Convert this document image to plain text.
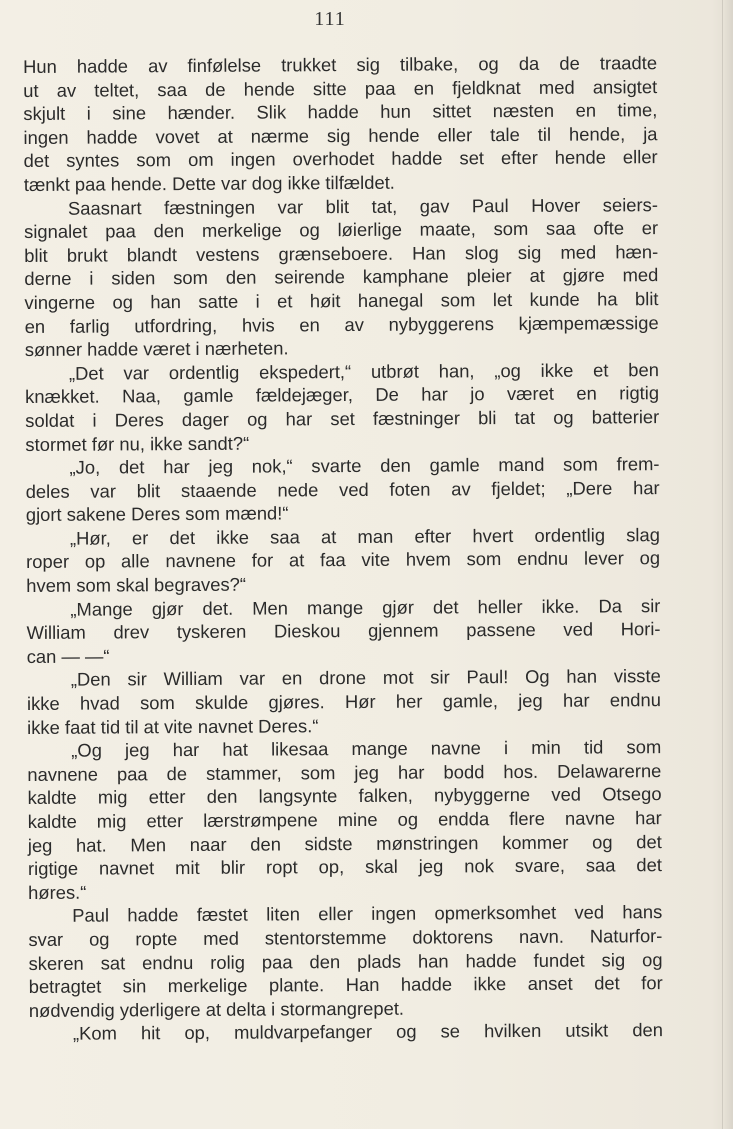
111
Hun hadde av finfølelse trukket sig tilbake, og da de traadte
ut av teltet, saa de hende sitte paa en fjeldknat med ansigtet
skjult i sine hænder. Slik hadde hun sittet næsten en time,
ingen hadde vovet at nærme sig hende eller tale til hende, ja
det syntes som om ingen overhodet hadde set efter hende eller
tænkt paa hende. Dette var dog ikke tilfældet.
Saasnart fæstningen var blit tat, gav Paul Hover seiers-
signalet paa den merkelige og løierlige maate, som saa ofte er
blit brukt blandt vestens grænseboere. Han slog sig med hæn-
derne i siden som den seirende kamphane pleier at gjøre med
vingerne og han satte i et høit hanegal som let kunde ha blit
en farlig utfordring, hvis en av nybyggerens kjæmpemæssige
sønner hadde været i nærheten.
„Det var ordentlig ekspedert,“ utbrøt han, „og ikke et ben
knækket. Naa, gamle fældejæger, De har jo været en rigtig
soldat i Deres dager og har set fæstninger bli tat og batterier
stormet før nu, ikke sandt?“
„Jo, det har jeg nok,“ svarte den gamle mand som frem-
deles var blit staaende nede ved foten av fjeldet; „Dere har
gjort sakene Deres som mænd!“
„Hør, er det ikke saa at man efter hvert ordentlig slag
roper op alle navnene for at faa vite hvem som endnu lever og
hvem som skal begraves?“
„Mange gjør det. Men mange gjør det heller ikke. Da sir
William drev tyskeren Dieskou gjennem passene ved Hori-
can — —“
„Den sir William var en drone mot sir Paul! Og han visste
ikke hvad som skulde gjøres. Hør her gamle, jeg har endnu
ikke faat tid til at vite navnet Deres.“
„Og jeg har hat likesaa mange navne i min tid som
navnene paa de stammer, som jeg har bodd hos. Delawarerne
kaldte mig etter den langsynte falken, nybyggerne ved Otsego
kaldte mig etter lærstrømpene mine og endda flere navne har
jeg hat. Men naar den sidste mønstringen kommer og det
rigtige navnet mit blir ropt op, skal jeg nok svare, saa det
høres.“
Paul hadde fæstet liten eller ingen opmerksomhet ved hans
svar og ropte med stentorstemme doktorens navn. Naturfor-
skeren sat endnu rolig paa den plads han hadde fundet sig og
betragtet sin merkelige plante. Han hadde ikke anset det for
nødvendig yderligere at delta i stormangrepet.
„Kom hit op, muldvarpefanger og se hvilken utsikt den
